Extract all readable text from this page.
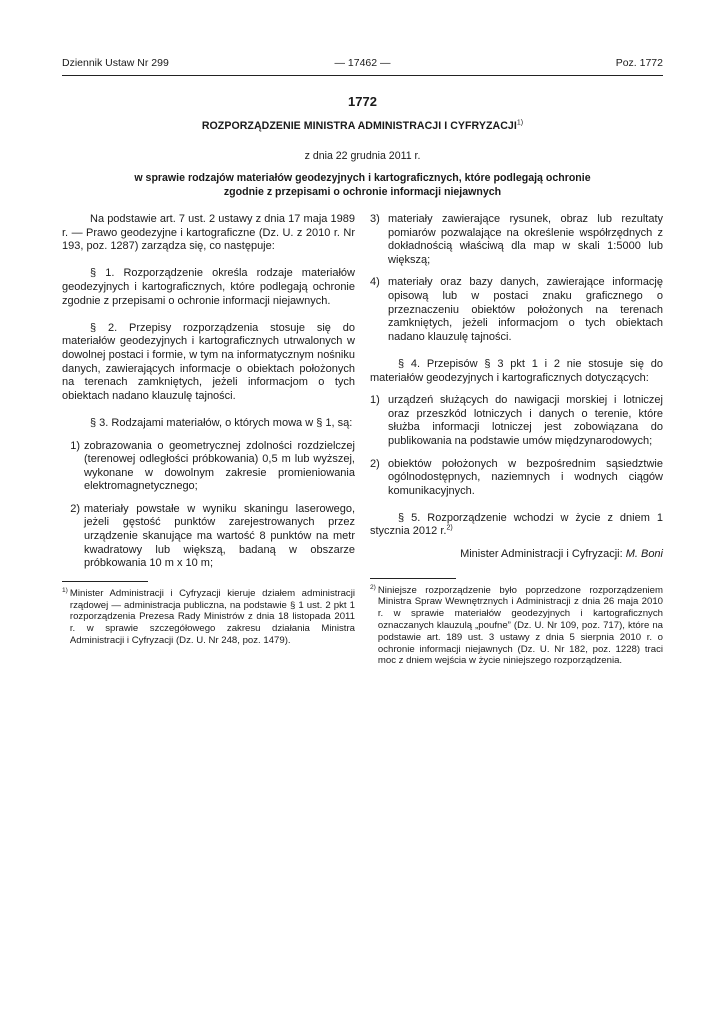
Dziennik Ustaw Nr 299	— 17462 —	Poz. 1772
1772
ROZPORZĄDZENIE MINISTRA ADMINISTRACJI I CYFRYZACJI$^{1)}$
z dnia 22 grudnia 2011 r.
w sprawie rodzajów materiałów geodezyjnych i kartograficznych, które podlegają ochronie
zgodnie z przepisami o ochronie informacji niejawnych

Na podstawie art. 7 ust. 2 ustawy z dnia 17 maja 1989 r. — Prawo geodezyjne i kartograficzne (Dz. U. z 2010 r. Nr 193, poz. 1287) zarządza się, co następuje:

§ 1. Rozporządzenie określa rodzaje materiałów geodezyjnych i kartograficznych, które podlegają ochronie zgodnie z przepisami o ochronie informacji niejawnych.

§ 2. Przepisy rozporządzenia stosuje się do materiałów geodezyjnych i kartograficznych utrwalonych w dowolnej postaci i formie, w tym na informatycznym nośniku danych, zawierających informacje o obiektach położonych na terenach zamkniętych, jeżeli informacjom o tych obiektach nadano klauzulę tajności.

§ 3. Rodzajami materiałów, o których mowa w § 1, są:

1) zobrazowania o geometrycznej zdolności rozdzielczej (terenowej odległości próbkowania) 0,5 m lub wyższej, wykonane w dowolnym zakresie promieniowania elektromagnetycznego;
2) materiały powstałe w wyniku skaningu laserowego, jeżeli gęstość punktów zarejestrowanych przez urządzenie skanujące ma wartość 8 punktów na metr kwadratowy lub większą, badaną w obszarze próbkowania 10 m x 10 m;
1) Minister Administracji i Cyfryzacji kieruje działem administracji rządowej — administracja publiczna, na podstawie § 1 ust. 2 pkt 1 rozporządzenia Prezesa Rady Ministrów z dnia 18 listopada 2011 r. w sprawie szczegółowego zakresu działania Ministra Administracji i Cyfryzacji (Dz. U. Nr 248, poz. 1479).
3) materiały zawierające rysunek, obraz lub rezultaty pomiarów pozwalające na określenie współrzędnych z dokładnością właściwą dla map w skali 1:5000 lub większą;
4) materiały oraz bazy danych, zawierające informację opisową lub w postaci znaku graficznego o przeznaczeniu obiektów położonych na terenach zamkniętych, jeżeli informacjom o tych obiektach nadano klauzulę tajności.

§ 4. Przepisów § 3 pkt 1 i 2 nie stosuje się do materiałów geodezyjnych i kartograficznych dotyczących:

1) urządzeń służących do nawigacji morskiej i lotniczej oraz przeszkód lotniczych i danych o terenie, które służba informacji lotniczej jest zobowiązana do publikowania na podstawie umów międzynarodowych;
2) obiektów położonych w bezpośrednim sąsiedztwie ogólnodostępnych, naziemnych i wodnych ciągów komunikacyjnych.

§ 5. Rozporządzenie wchodzi w życie z dniem 1 stycznia 2012 r.$^{2)}$

Minister Administracji i Cyfryzacji: M. Boni

2) Niniejsze rozporządzenie było poprzedzone rozporządzeniem Ministra Spraw Wewnętrznych i Administracji z dnia 26 maja 2010 r. w sprawie materiałów geodezyjnych i kartograficznych oznaczanych klauzulą „poufne” (Dz. U. Nr 109, poz. 717), które na podstawie art. 189 ust. 3 ustawy z dnia 5 sierpnia 2010 r. o ochronie informacji niejawnych (Dz. U. Nr 182, poz. 1228) traci moc z dniem wejścia w życie niniejszego rozporządzenia.
